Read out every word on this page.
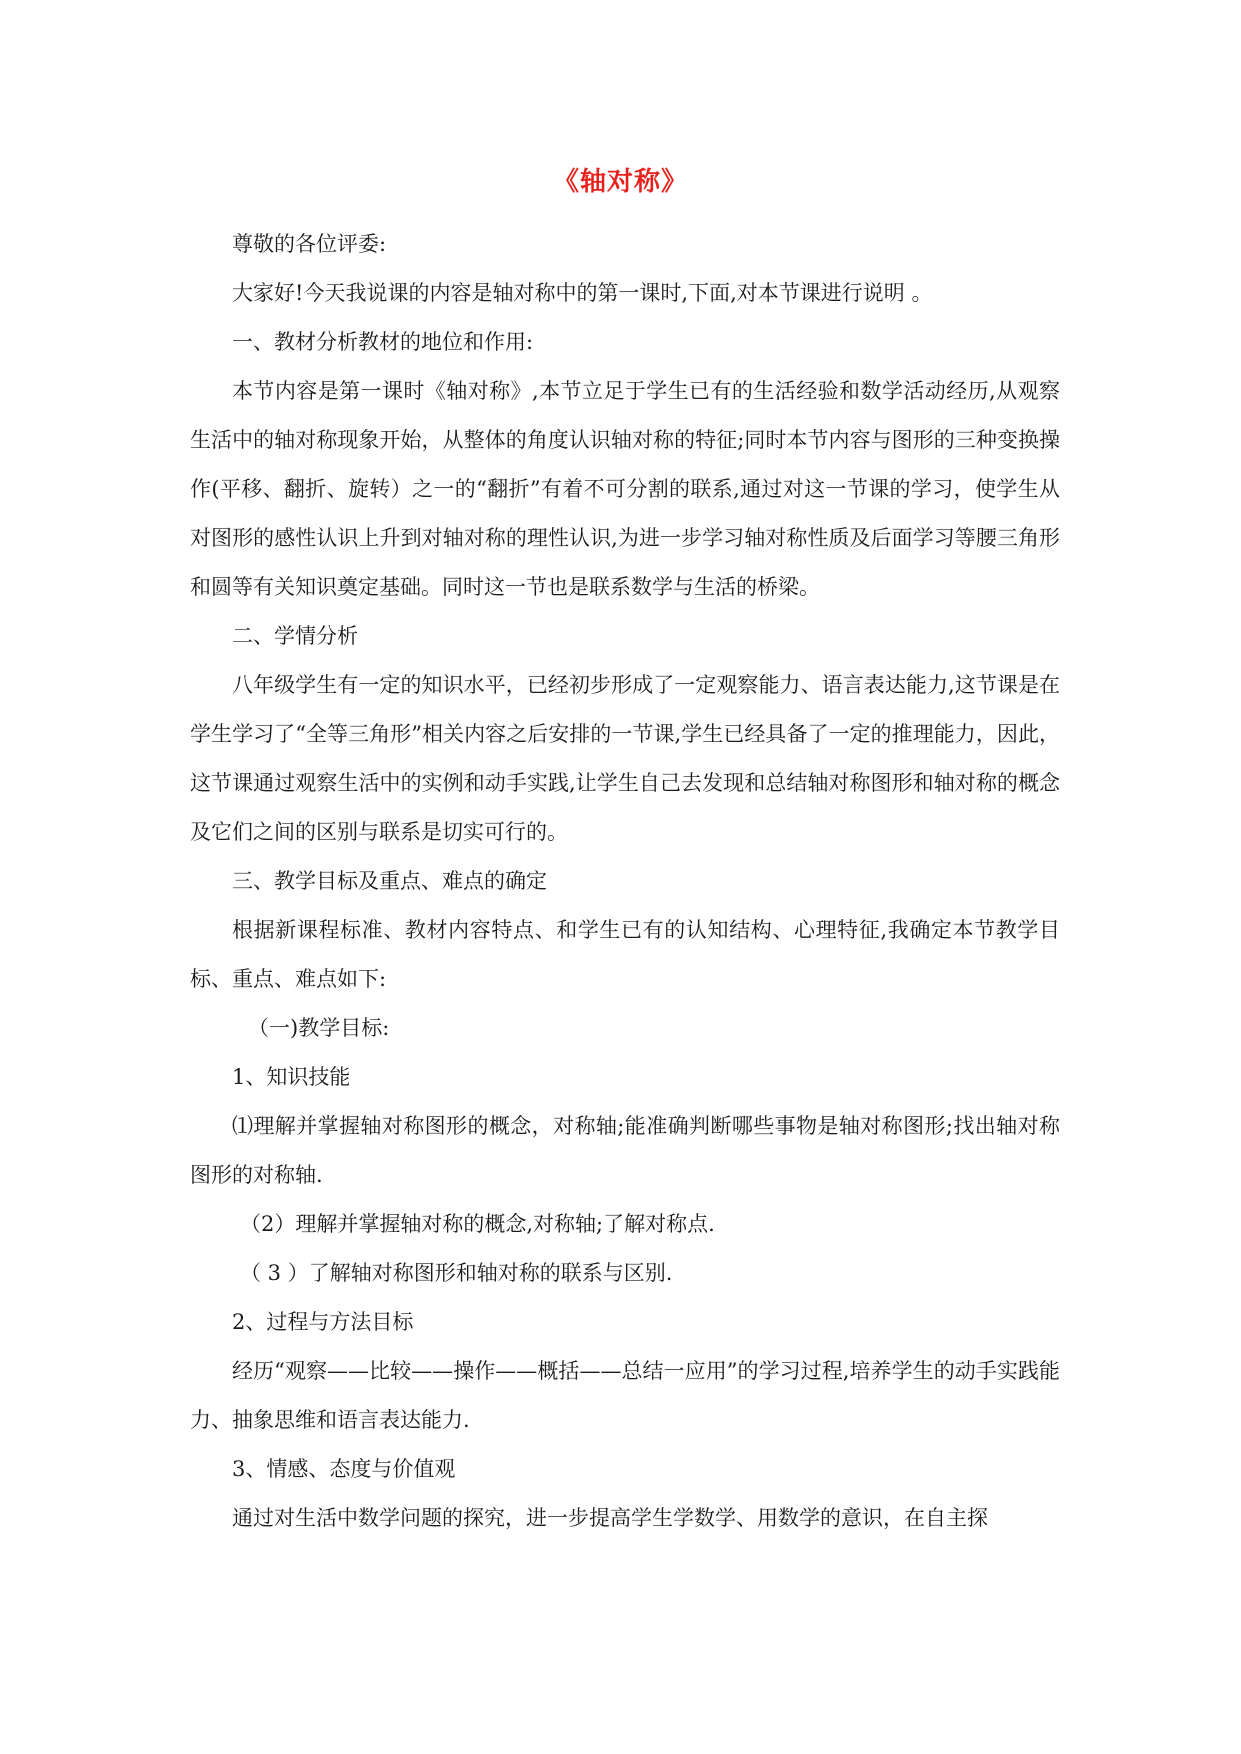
《轴对称》

尊敬的各位评委:

大家好!今天我说课的内容是轴对称中的第一课时,下面,对本节课进行说明 。

一、教材分析教材的地位和作用:

本节内容是第一课时《轴对称》,本节立足于学生已有的生活经验和数学活动经历,从观察生活中的轴对称现象开始，从整体的角度认识轴对称的特征;同时本节内容与图形的三种变换操作(平移、翻折、旋转）之一的“翻折”有着不可分割的联系,通过对这一节课的学习，使学生从对图形的感性认识上升到对轴对称的理性认识,为进一步学习轴对称性质及后面学习等腰三角形和圆等有关知识奠定基础。同时这一节也是联系数学与生活的桥梁。

二、学情分析

八年级学生有一定的知识水平，已经初步形成了一定观察能力、语言表达能力,这节课是在学生学习了“全等三角形”相关内容之后安排的一节课,学生已经具备了一定的推理能力，因此，这节课通过观察生活中的实例和动手实践,让学生自己去发现和总结轴对称图形和轴对称的概念及它们之间的区别与联系是切实可行的。

三、教学目标及重点、难点的确定

根据新课程标准、教材内容特点、和学生已有的认知结构、心理特征,我确定本节教学目标、重点、难点如下:

（一)教学目标:

1、知识技能

⑴理解并掌握轴对称图形的概念，对称轴;能准确判断哪些事物是轴对称图形;找出轴对称图形的对称轴.

（2）理解并掌握轴对称的概念,对称轴;了解对称点.

（ 3 ）了解轴对称图形和轴对称的联系与区别.

2、过程与方法目标

经历“观察——比较——操作——概括——总结一应用”的学习过程,培养学生的动手实践能力、抽象思维和语言表达能力.

3、情感、态度与价值观

通过对生活中数学问题的探究，进一步提高学生学数学、用数学的意识，在自主探
